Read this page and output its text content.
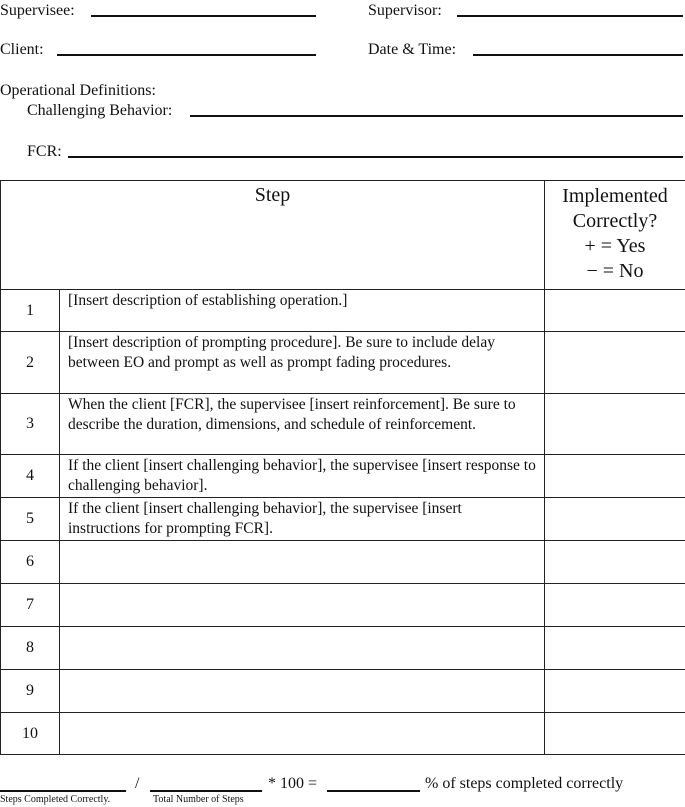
Supervisee:	Supervisor:
Client:	Date & Time:
Operational Definitions:
Challenging Behavior:
FCR:
Step		Implemented
Correctly?
+ = Yes
− = No

1	[Insert description of establishing operation.]	
2	[Insert description of prompting procedure]. Be sure to include delay between EO and prompt as well as prompt fading procedures.	
3	When the client [FCR], the supervisee [insert reinforcement]. Be sure to describe the duration, dimensions, and schedule of reinforcement.	
4	If the client [insert challenging behavior], the supervisee [insert response to challenging behavior].	
5	If the client [insert challenging behavior], the supervisee [insert instructions for prompting FCR].	
6		
7		
8		
9		
10		
/	* 100 =	% of steps completed correctly
Steps Completed Correctly.	Total Number of Steps
